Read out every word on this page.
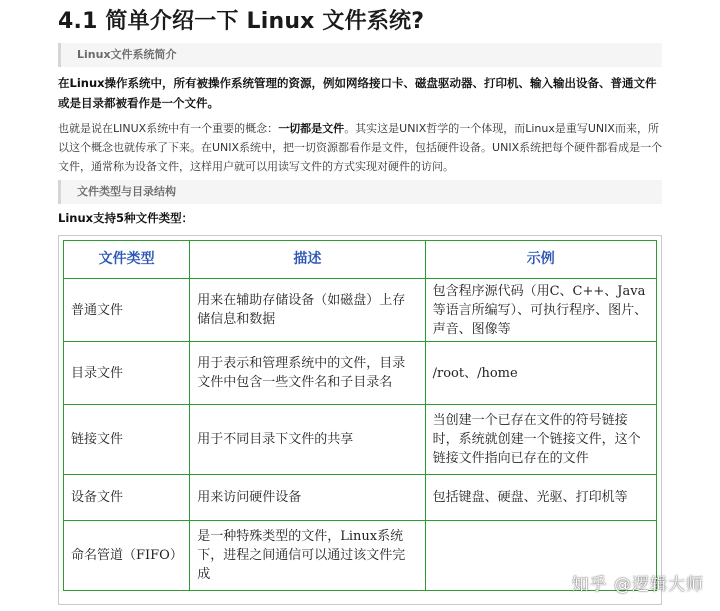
4.1 简单介绍一下 Linux 文件系统?
Linux文件系统简介
在Linux操作系统中，所有被操作系统管理的资源，例如网络接口卡、磁盘驱动器、打印机、输入输出设备、普通文件或是目录都被看作是一个文件。
也就是说在LINUX系统中有一个重要的概念：一切都是文件。其实这是UNIX哲学的一个体现，而Linux是重写UNIX而来，所以这个概念也就传承了下来。在UNIX系统中，把一切资源都看作是文件，包括硬件设备。UNIX系统把每个硬件都看成是一个文件，通常称为设备文件，这样用户就可以用读写文件的方式实现对硬件的访问。
文件类型与目录结构
Linux支持5种文件类型：
文件类型	描述	示例
普通文件	用来在辅助存储设备（如磁盘）上存储信息和数据	包含程序源代码（用C、C++、Java等语言所编写）、可执行程序、图片、声音、图像等
目录文件	用于表示和管理系统中的文件，目录文件中包含一些文件名和子目录名	/root、/home
链接文件	用于不同目录下文件的共享	当创建一个已存在文件的符号链接时，系统就创建一个链接文件，这个链接文件指向已存在的文件
设备文件	用来访问硬件设备	包括键盘、硬盘、光驱、打印机等
命名管道（FIFO）	是一种特殊类型的文件，Linux系统下，进程之间通信可以通过该文件完成	
知乎 @逻辑大师
